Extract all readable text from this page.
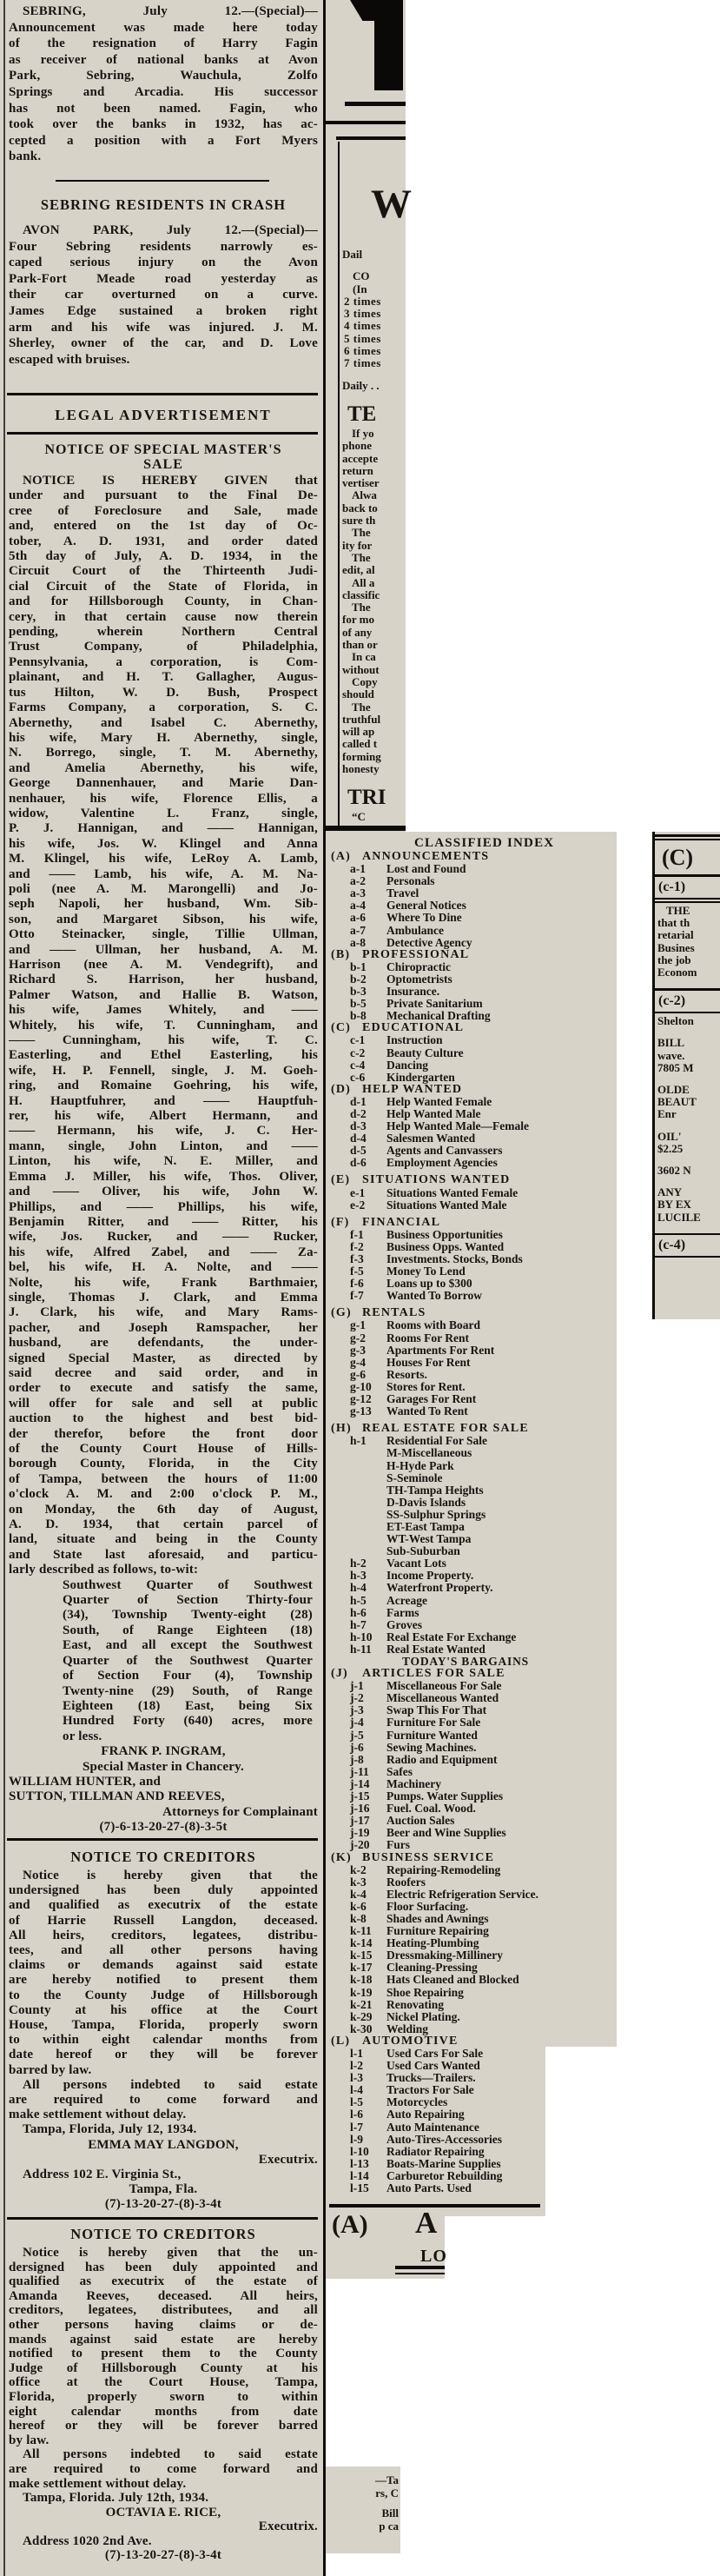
SEBRING, July 12.—(Special)—
Announcement was made here today
of the resignation of Harry Fagin
as receiver of national banks at Avon
Park, Sebring, Wauchula, Zolfo
Springs and Arcadia. His successor
has not been named. Fagin, who
took over the banks in 1932, has ac-
cepted a position with a Fort Myers
bank.
SEBRING RESIDENTS IN CRASH
AVON PARK, July 12.—(Special)—
Four Sebring residents narrowly es-
caped serious injury on the Avon
Park-Fort Meade road yesterday as
their car overturned on a curve.
James Edge sustained a broken right
arm and his wife was injured. J. M.
Sherley, owner of the car, and D. Love
escaped with bruises.
LEGAL ADVERTISEMENT
NOTICE OF SPECIAL MASTER'S
SALE
NOTICE IS HEREBY GIVEN that
under and pursuant to the Final De-
cree of Foreclosure and Sale, made
and, entered on the 1st day of Oc-
tober, A. D. 1931, and order dated
5th day of July, A. D. 1934, in the
Circuit Court of the Thirteenth Judi-
cial Circuit of the State of Florida, in
and for Hillsborough County, in Chan-
cery, in that certain cause now therein
pending, wherein Northern Central
Trust Company, of Philadelphia,
Pennsylvania, a corporation, is Com-
plainant, and H. T. Gallagher, Augus-
tus Hilton, W. D. Bush, Prospect
Farms Company, a corporation, S. C.
Abernethy, and Isabel C. Abernethy,
his wife, Mary H. Abernethy, single,
N. Borrego, single, T. M. Abernethy,
and Amelia Abernethy, his wife,
George Dannenhauer, and Marie Dan-
nenhauer, his wife, Florence Ellis, a
widow, Valentine L. Franz, single,
P. J. Hannigan, and —— Hannigan,
his wife, Jos. W. Klingel and Anna
M. Klingel, his wife, LeRoy A. Lamb,
and —— Lamb, his wife, A. M. Na-
poli (nee A. M. Marongelli) and Jo-
seph Napoli, her husband, Wm. Sib-
son, and Margaret Sibson, his wife,
Otto Steinacker, single, Tillie Ullman,
and —— Ullman, her husband, A. M.
Harrison (nee A. M. Vendegrift), and
Richard S. Harrison, her husband,
Palmer Watson, and Hallie B. Watson,
his wife, James Whitely, and ——
Whitely, his wife, T. Cunningham, and
—— Cunningham, his wife, T. C.
Easterling, and Ethel Easterling, his
wife, H. P. Fennell, single, J. M. Goeh-
ring, and Romaine Goehring, his wife,
H. Hauptfuhrer, and —— Hauptfuh-
rer, his wife, Albert Hermann, and
—— Hermann, his wife, J. C. Her-
mann, single, John Linton, and ——
Linton, his wife, N. E. Miller, and
Emma J. Miller, his wife, Thos. Oliver,
and —— Oliver, his wife, John W.
Phillips, and —— Phillips, his wife,
Benjamin Ritter, and —— Ritter, his
wife, Jos. Rucker, and —— Rucker,
his wife, Alfred Zabel, and —— Za-
bel, his wife, H. A. Nolte, and ——
Nolte, his wife, Frank Barthmaier,
single, Thomas J. Clark, and Emma
J. Clark, his wife, and Mary Rams-
pacher, and Joseph Ramspacher, her
husband, are defendants, the under-
signed Special Master, as directed by
said decree and said order, and in
order to execute and satisfy the same,
will offer for sale and sell at public
auction to the highest and best bid-
der therefor, before the front door
of the County Court House of Hills-
borough County, Florida, in the City
of Tampa, between the hours of 11:00
o'clock A. M. and 2:00 o'clock P. M.,
on Monday, the 6th day of August,
A. D. 1934, that certain parcel of
land, situate and being in the County
and State last aforesaid, and particu-
larly described as follows, to-wit:
Southwest Quarter of Southwest
Quarter of Section Thirty-four
(34), Township Twenty-eight (28)
South, of Range Eighteen (18)
East, and all except the Southwest
Quarter of the Southwest Quarter
of Section Four (4), Township
Twenty-nine (29) South, of Range
Eighteen (18) East, being Six
Hundred Forty (640) acres, more
or less.
FRANK P. INGRAM,
Special Master in Chancery.
WILLIAM HUNTER, and
SUTTON, TILLMAN AND REEVES,
Attorneys for Complainant
(7)-6-13-20-27-(8)-3-5t
NOTICE TO CREDITORS
Notice is hereby given that the
undersigned has been duly appointed
and qualified as executrix of the estate
of Harrie Russell Langdon, deceased.
All heirs, creditors, legatees, distribu-
tees, and all other persons having
claims or demands against said estate
are hereby notified to present them
to the County Judge of Hillsborough
County at his office at the Court
House, Tampa, Florida, properly sworn
to within eight calendar months from
date hereof or they will be forever
barred by law.
All persons indebted to said estate
are required to come forward and
make settlement without delay.
Tampa, Florida, July 12, 1934.
EMMA MAY LANGDON,
Executrix.
Address 102 E. Virginia St.,
Tampa, Fla.
(7)-13-20-27-(8)-3-4t
NOTICE TO CREDITORS
Notice is hereby given that the un-
dersigned has been duly appointed and
qualified as executrix of the estate of
Amanda Reeves, deceased. All heirs,
creditors, legatees, distributees, and all
other persons having claims or de-
mands against said estate are hereby
notified to present them to the County
Judge of Hillsborough County at his
office at the Court House, Tampa,
Florida, properly sworn to within
eight calendar months from date
hereof or they will be forever barred
by law.
All persons indebted to said estate
are required to come forward and
make settlement without delay.
Tampa, Florida. July 12th, 1934.
OCTAVIA E. RICE,
Executrix.
Address 1020 2nd Ave.
(7)-13-20-27-(8)-3-4t
W
Dail
CO
(In
2 times
3 times
4 times
5 times
6 times
7 times
Daily . .
TE
If yo
phone
accepte
return
vertiser
Alwa
back to
sure th
The
ity for
The
edit, al
All a
classific
The
for mo
of any
than or
In ca
without
Copy
should
The
truthful
will ap
called t
forming
honesty
TRI
“C
CLASSIFIED INDEX
(A) ANNOUNCEMENTS
a-1 Lost and Found
a-2 Personals
a-3 Travel
a-4 General Notices
a-6 Where To Dine
a-7 Ambulance
a-8 Detective Agency
(B) PROFESSIONAL
b-1 Chiropractic
b-2 Optometrists
b-3 Insurance.
b-5 Private Sanitarium
b-8 Mechanical Drafting
(C) EDUCATIONAL
c-1 Instruction
c-2 Beauty Culture
c-4 Dancing
c-6 Kindergarten
(D) HELP WANTED
d-1 Help Wanted Female
d-2 Help Wanted Male
d-3 Help Wanted Male—Female
d-4 Salesmen Wanted
d-5 Agents and Canvassers
d-6 Employment Agencies
(E) SITUATIONS WANTED
e-1 Situations Wanted Female
e-2 Situations Wanted Male
(F) FINANCIAL
f-1 Business Opportunities
f-2 Business Opps. Wanted
f-3 Investments. Stocks, Bonds
f-5 Money To Lend
f-6 Loans up to $300
f-7 Wanted To Borrow
(G) RENTALS
g-1 Rooms with Board
g-2 Rooms For Rent
g-3 Apartments For Rent
g-4 Houses For Rent
g-6 Resorts.
g-10 Stores for Rent.
g-12 Garages For Rent
g-13 Wanted To Rent
(H) REAL ESTATE FOR SALE
h-1 Residential For Sale
M-Miscellaneous
H-Hyde Park
S-Seminole
TH-Tampa Heights
D-Davis Islands
SS-Sulphur Springs
ET-East Tampa
WT-West Tampa
Sub-Suburban
h-2 Vacant Lots
h-3 Income Property.
h-4 Waterfront Property.
h-5 Acreage
h-6 Farms
h-7 Groves
h-10 Real Estate For Exchange
h-11 Real Estate Wanted
TODAY'S BARGAINS
(J) ARTICLES FOR SALE
j-1 Miscellaneous For Sale
j-2 Miscellaneous Wanted
j-3 Swap This For That
j-4 Furniture For Sale
j-5 Furniture Wanted
j-6 Sewing Machines.
j-8 Radio and Equipment
j-11 Safes
j-14 Machinery
j-15 Pumps. Water Supplies
j-16 Fuel. Coal. Wood.
j-17 Auction Sales
j-19 Beer and Wine Supplies
j-20 Furs
(K) BUSINESS SERVICE
k-2 Repairing-Remodeling
k-3 Roofers
k-4 Electric Refrigeration Service.
k-6 Floor Surfacing.
k-8 Shades and Awnings
k-11 Furniture Repairing
k-14 Heating-Plumbing
k-15 Dressmaking-Millinery
k-17 Cleaning-Pressing
k-18 Hats Cleaned and Blocked
k-19 Shoe Repairing
k-21 Renovating
k-29 Nickel Plating.
k-30 Welding
(L) AUTOMOTIVE
l-1 Used Cars For Sale
l-2 Used Cars Wanted
l-3 Trucks—Trailers.
l-4 Tractors For Sale
l-5 Motorcycles
l-6 Auto Repairing
l-7 Auto Maintenance
l-9 Auto-Tires-Accessories
l-10 Radiator Repairing
l-13 Boats-Marine Supplies
l-14 Carburetor Rebuilding
l-15 Auto Parts. Used
(C)
(c-1)
THE
that th
retarial
Busines
the job
Econom
(c-2)
Shelton
BILL
wave.
7805 M
OLDE
BEAUT
Enr
OIL'
$2.25
3602 N
ANY
BY EX
LUCILE
(c-4)
(A) A
LO
—Ta
rs, C
Bill
p ca
